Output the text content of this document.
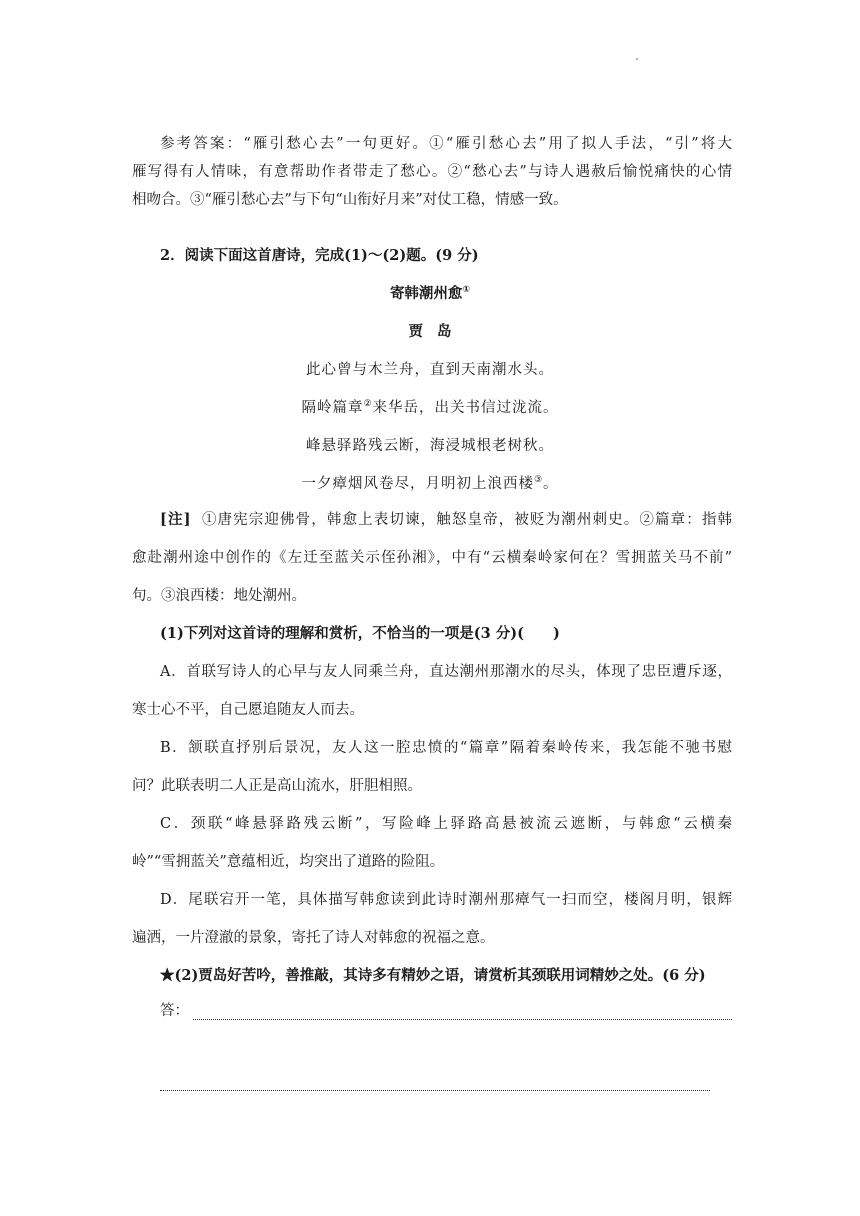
参考答案：“雁引愁心去”一句更好。①“雁引愁心去”用了拟人手法，“引”将大
雁写得有人情味，有意帮助作者带走了愁心。②“愁心去”与诗人遇赦后愉悦痛快的心情
相吻合。③“雁引愁心去”与下句“山衔好月来”对仗工稳，情感一致。
2．阅读下面这首唐诗，完成(1)～(2)题。(9 分)
寄韩潮州愈①
贾岛
此心曾与木兰舟，直到天南潮水头。
隔岭篇章②来华岳，出关书信过泷流。
峰悬驿路残云断，海浸城根老树秋。
一夕瘴烟风卷尽，月明初上浪西楼③。
[注] ①唐宪宗迎佛骨，韩愈上表切谏，触怒皇帝，被贬为潮州刺史。②篇章：指韩
愈赴潮州途中创作的《左迁至蓝关示侄孙湘》，中有“云横秦岭家何在？雪拥蓝关马不前”
句。③浪西楼：地处潮州。
(1)下列对这首诗的理解和赏析，不恰当的一项是(3 分)(　　)
A．首联写诗人的心早与友人同乘兰舟，直达潮州那潮水的尽头，体现了忠臣遭斥逐，
寒士心不平，自己愿追随友人而去。
B．颔联直抒别后景况，友人这一腔忠愤的“篇章”隔着秦岭传来，我怎能不驰书慰
问？此联表明二人正是高山流水，肝胆相照。
C．颈联“峰悬驿路残云断”，写险峰上驿路高悬被流云遮断，与韩愈“云横秦
岭”“雪拥蓝关”意蕴相近，均突出了道路的险阻。
D．尾联宕开一笔，具体描写韩愈读到此诗时潮州那瘴气一扫而空，楼阁月明，银辉
遍洒，一片澄澈的景象，寄托了诗人对韩愈的祝福之意。
★(2)贾岛好苦吟，善推敲，其诗多有精妙之语，请赏析其颈联用词精妙之处。(6 分)
答：
